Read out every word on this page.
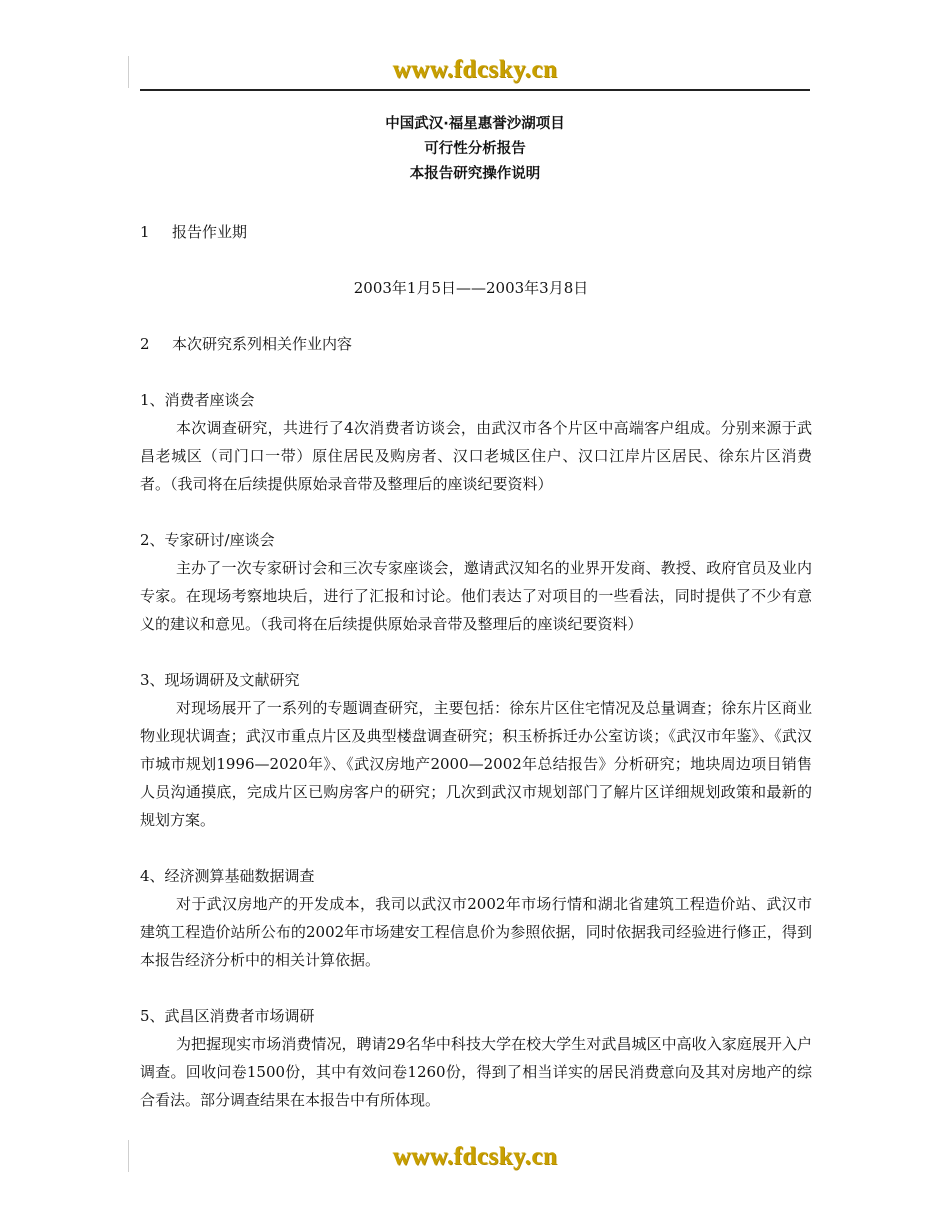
www.fdcsky.cn
中国武汉·福星惠誉沙湖项目
可行性分析报告
本报告研究操作说明
1	报告作业期
2003年1月5日——2003年3月8日
2	本次研究系列相关作业内容
1、消费者座谈会
本次调查研究，共进行了4次消费者访谈会，由武汉市各个片区中高端客户组成。分别来源于武昌老城区（司门口一带）原住居民及购房者、汉口老城区住户、汉口江岸片区居民、徐东片区消费者。（我司将在后续提供原始录音带及整理后的座谈纪要资料）
2、专家研讨/座谈会
主办了一次专家研讨会和三次专家座谈会，邀请武汉知名的业界开发商、教授、政府官员及业内专家。在现场考察地块后，进行了汇报和讨论。他们表达了对项目的一些看法，同时提供了不少有意义的建议和意见。（我司将在后续提供原始录音带及整理后的座谈纪要资料）
3、现场调研及文献研究
对现场展开了一系列的专题调查研究，主要包括：徐东片区住宅情况及总量调查；徐东片区商业物业现状调查；武汉市重点片区及典型楼盘调查研究；积玉桥拆迁办公室访谈；《武汉市年鉴》、《武汉市城市规划1996—2020年》、《武汉房地产2000—2002年总结报告》分析研究；地块周边项目销售人员沟通摸底，完成片区已购房客户的研究；几次到武汉市规划部门了解片区详细规划政策和最新的规划方案。
4、经济测算基础数据调查
对于武汉房地产的开发成本，我司以武汉市2002年市场行情和湖北省建筑工程造价站、武汉市建筑工程造价站所公布的2002年市场建安工程信息价为参照依据，同时依据我司经验进行修正，得到本报告经济分析中的相关计算依据。
5、武昌区消费者市场调研
为把握现实市场消费情况，聘请29名华中科技大学在校大学生对武昌城区中高收入家庭展开入户调查。回收问卷1500份，其中有效问卷1260份，得到了相当详实的居民消费意向及其对房地产的综合看法。部分调查结果在本报告中有所体现。
www.fdcsky.cn
